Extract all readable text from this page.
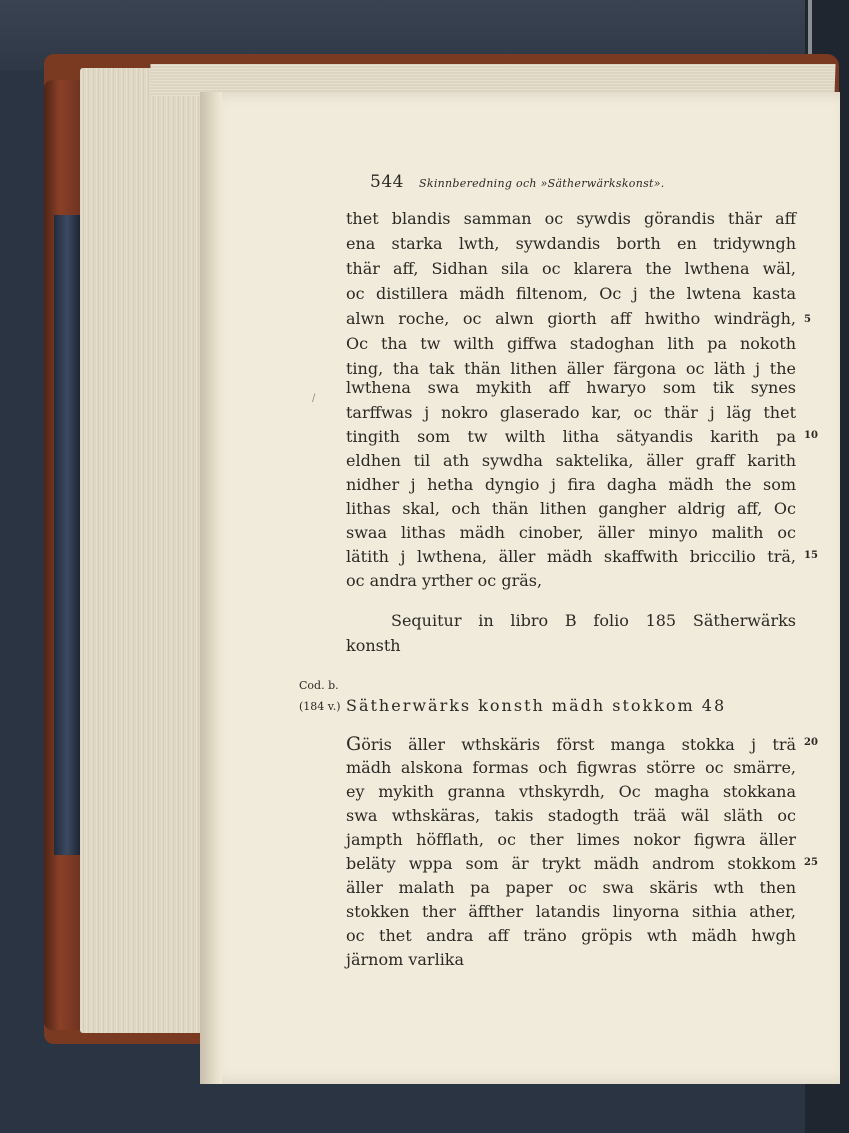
544 Skinnberedning och »Sätherwärkskonst».
thet blandis samman oc sywdis görandis thär aff
ena starka lwth, sywdandis borth en tridywngh
thär aff, Sidhan sila oc klarera the lwthena wäl,
oc distillera mädh filtenom, Oc j the lwtena kasta
alwn roche, oc alwn giorth aff hwitho windrägh,
Oc tha tw wilth giffwa stadoghan lith pa nokoth
ting, tha tak thän lithen äller färgona oc läth j the
lwthena swa mykith aff hwaryo som tik synes
tarffwas j nokro glaserado kar, oc thär j läg thet
tingith som tw wilth litha sätyandis karith pa
eldhen til ath sywdha saktelika, äller graff karith
nidher j hetha dyngio j fira dagha mädh the som
lithas skal, och thän lithen gangher aldrig aff, Oc
swaa lithas mädh cinober, äller minyo malith oc
lätith j lwthena, äller mädh skaffwith briccilio trä,
oc andra yrther oc gräs,
/
5
10
15
20
25
Sequitur in libro B folio 185 Sätherwärks
konsth
Cod. b.
(184 v.) Sätherwärks konsth mädh stokkom 48
Göris äller wthskäris först manga stokka j trä
mädh alskona formas och figwras större oc smärre,
ey mykith granna vthskyrdh, Oc magha stokkana
swa wthskäras, takis stadogth trää wäl släth oc
jampth höfflath, oc ther limes nokor figwra äller
beläty wppa som är trykt mädh androm stokkom
äller malath pa paper oc swa skäris wth then
stokken ther äffther latandis linyorna sithia ather,
oc thet andra aff träno gröpis wth mädh hwgh
järnom varlika
